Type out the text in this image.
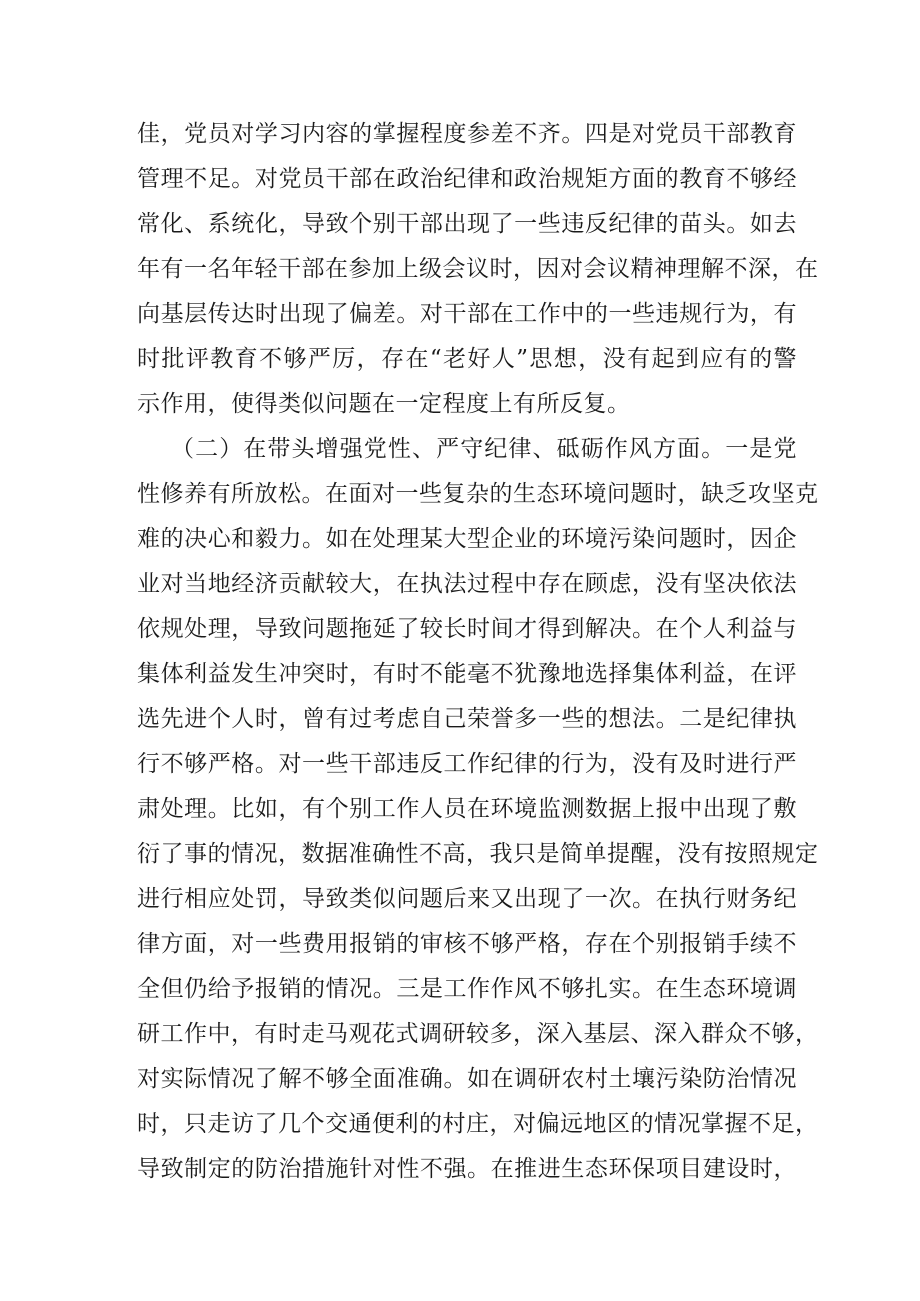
佳，党员对学习内容的掌握程度参差不齐。四是对党员干部教育
管理不足。对党员干部在政治纪律和政治规矩方面的教育不够经
常化、系统化，导致个别干部出现了一些违反纪律的苗头。如去
年有一名年轻干部在参加上级会议时，因对会议精神理解不深，在
向基层传达时出现了偏差。对干部在工作中的一些违规行为，有
时批评教育不够严厉，存在“老好人”思想，没有起到应有的警
示作用，使得类似问题在一定程度上有所反复。
（二）在带头增强党性、严守纪律、砥砺作风方面。一是党
性修养有所放松。在面对一些复杂的生态环境问题时，缺乏攻坚克
难的决心和毅力。如在处理某大型企业的环境污染问题时，因企
业对当地经济贡献较大，在执法过程中存在顾虑，没有坚决依法
依规处理，导致问题拖延了较长时间才得到解决。在个人利益与
集体利益发生冲突时，有时不能毫不犹豫地选择集体利益，在评
选先进个人时，曾有过考虑自己荣誉多一些的想法。二是纪律执
行不够严格。对一些干部违反工作纪律的行为，没有及时进行严
肃处理。比如，有个别工作人员在环境监测数据上报中出现了敷
衍了事的情况，数据准确性不高，我只是简单提醒，没有按照规定
进行相应处罚，导致类似问题后来又出现了一次。在执行财务纪
律方面，对一些费用报销的审核不够严格，存在个别报销手续不
全但仍给予报销的情况。三是工作作风不够扎实。在生态环境调
研工作中，有时走马观花式调研较多，深入基层、深入群众不够，
对实际情况了解不够全面准确。如在调研农村土壤污染防治情况
时，只走访了几个交通便利的村庄，对偏远地区的情况掌握不足，
导致制定的防治措施针对性不强。在推进生态环保项目建设时，
